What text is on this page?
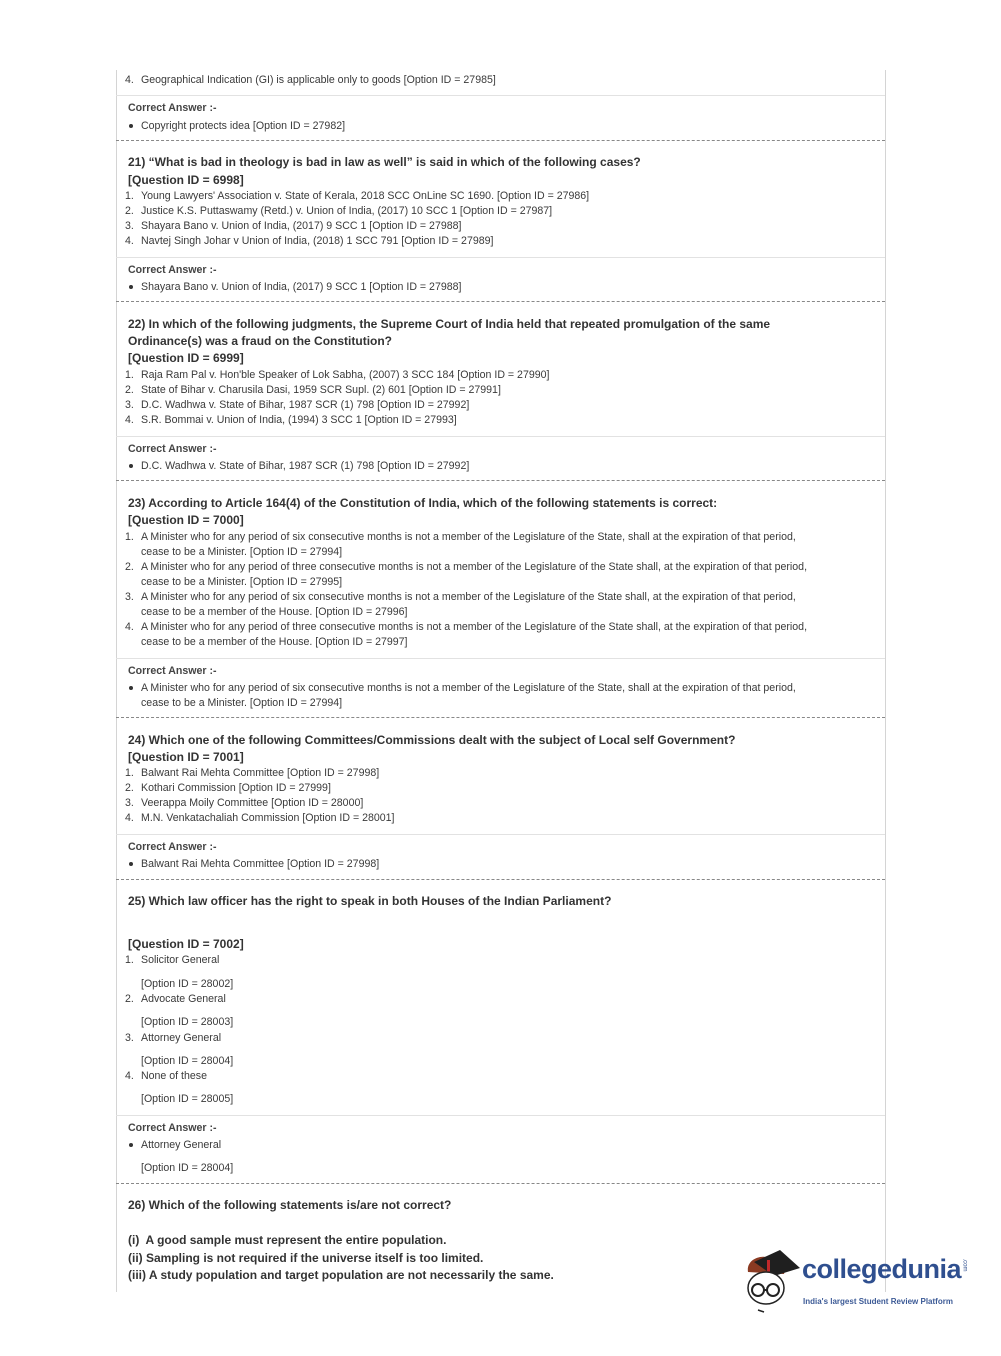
4. Geographical Indication (GI) is applicable only to goods [Option ID = 27985]
Correct Answer :-
Copyright protects idea [Option ID = 27982]
21) “What is bad in theology is bad in law as well” is said in which of the following cases?
[Question ID = 6998]
1. Young Lawyers' Association v. State of Kerala, 2018 SCC OnLine SC 1690. [Option ID = 27986]
2. Justice K.S. Puttaswamy (Retd.) v. Union of India, (2017) 10 SCC 1 [Option ID = 27987]
3. Shayara Bano v. Union of India, (2017) 9 SCC 1 [Option ID = 27988]
4. Navtej Singh Johar v Union of India, (2018) 1 SCC 791 [Option ID = 27989]
Correct Answer :-
Shayara Bano v. Union of India, (2017) 9 SCC 1 [Option ID = 27988]
22) In which of the following judgments, the Supreme Court of India held that repeated promulgation of the same
Ordinance(s) was a fraud on the Constitution?
[Question ID = 6999]
1. Raja Ram Pal v. Hon'ble Speaker of Lok Sabha, (2007) 3 SCC 184 [Option ID = 27990]
2. State of Bihar v. Charusila Dasi, 1959 SCR Supl. (2) 601 [Option ID = 27991]
3. D.C. Wadhwa v. State of Bihar, 1987 SCR (1) 798 [Option ID = 27992]
4. S.R. Bommai v. Union of India, (1994) 3 SCC 1 [Option ID = 27993]
Correct Answer :-
D.C. Wadhwa v. State of Bihar, 1987 SCR (1) 798 [Option ID = 27992]
23) According to Article 164(4) of the Constitution of India, which of the following statements is correct:
[Question ID = 7000]
1. A Minister who for any period of six consecutive months is not a member of the Legislature of the State, shall at the expiration of that period,
cease to be a Minister. [Option ID = 27994]
2. A Minister who for any period of three consecutive months is not a member of the Legislature of the State shall, at the expiration of that period,
cease to be a Minister. [Option ID = 27995]
3. A Minister who for any period of six consecutive months is not a member of the Legislature of the State shall, at the expiration of that period,
cease to be a member of the House. [Option ID = 27996]
4. A Minister who for any period of three consecutive months is not a member of the Legislature of the State shall, at the expiration of that period,
cease to be a member of the House. [Option ID = 27997]
Correct Answer :-
A Minister who for any period of six consecutive months is not a member of the Legislature of the State, shall at the expiration of that period,
cease to be a Minister. [Option ID = 27994]
24) Which one of the following Committees/Commissions dealt with the subject of Local self Government?
[Question ID = 7001]
1. Balwant Rai Mehta Committee [Option ID = 27998]
2. Kothari Commission [Option ID = 27999]
3. Veerappa Moily Committee [Option ID = 28000]
4. M.N. Venkatachaliah Commission [Option ID = 28001]
Correct Answer :-
Balwant Rai Mehta Committee [Option ID = 27998]
25) Which law officer has the right to speak in both Houses of the Indian Parliament?
[Question ID = 7002]
1. Solicitor General
[Option ID = 28002]
2. Advocate General
[Option ID = 28003]
3. Attorney General
[Option ID = 28004]
4. None of these
[Option ID = 28005]
Correct Answer :-
Attorney General
[Option ID = 28004]
26) Which of the following statements is/are not correct?
(i)  A good sample must represent the entire population.
(ii) Sampling is not required if the universe itself is too limited.
(iii) A study population and target population are not necessarily the same.	collegedunia .com
India's largest Student Review Platform
